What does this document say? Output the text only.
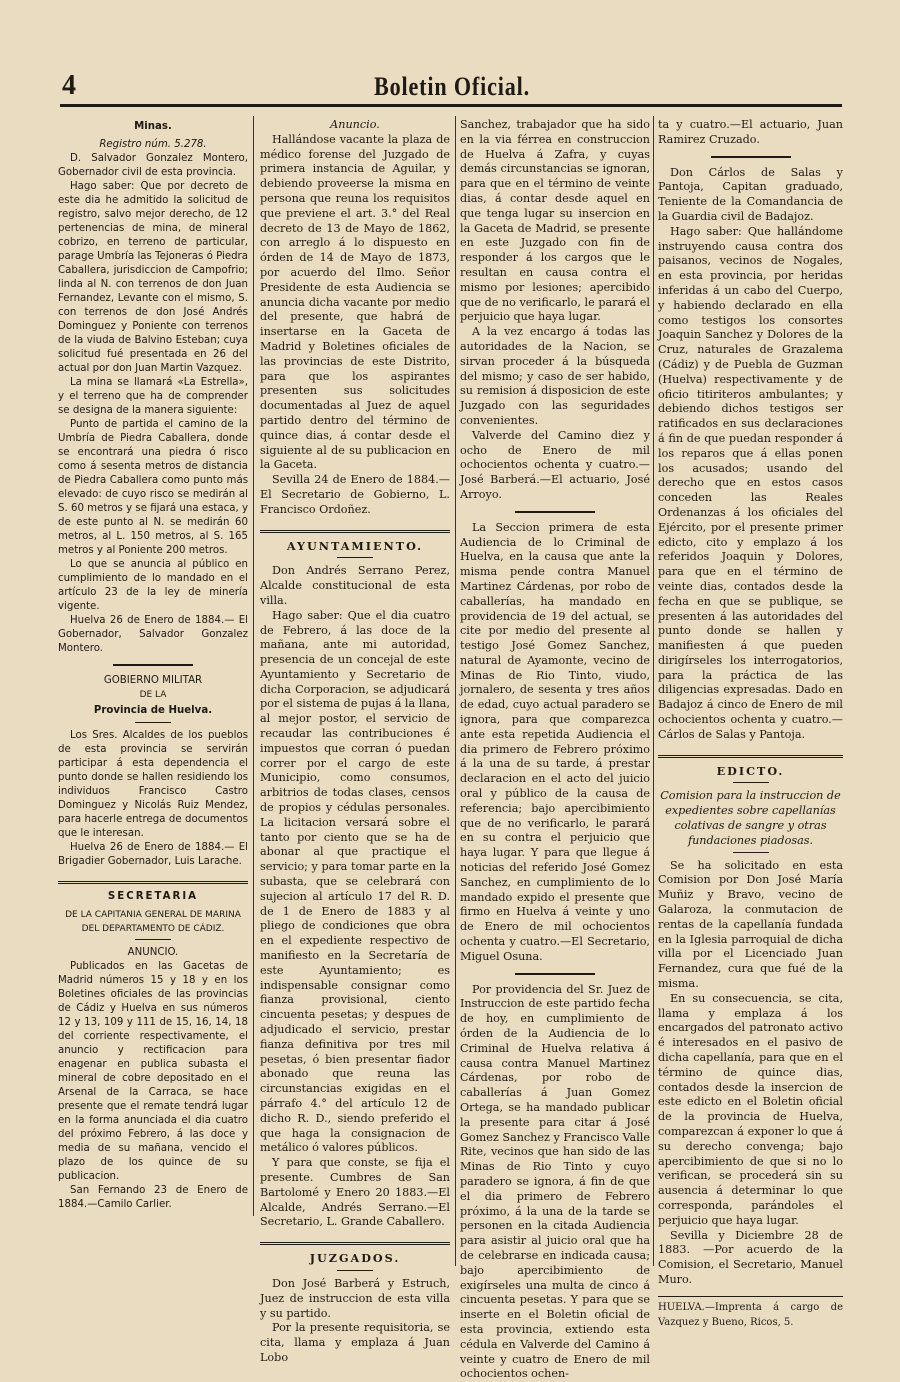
4	Boletin Oficial.

Minas.

Registro núm. 5.278.

D. Salvador Gonzalez Montero, Gobernador civil de esta provincia.

Hago saber: Que por decreto de este dia he admitido la solicitud de registro, salvo mejor derecho, de 12 pertenencias de mina, de mineral cobrizo, en terreno de particular, parage Umbría las Tejoneras ó Piedra Caballera, jurisdiccion de Campofrio; linda al N. con terrenos de don Juan Fernandez, Levante con el mismo, S. con terrenos de don José Andrés Dominguez y Poniente con terrenos de la viuda de Balvino Esteban; cuya solicitud fué presentada en 26 del actual por don Juan Martin Vazquez.

La mina se llamará «La Estrella», y el terreno que ha de comprender se designa de la manera siguiente:

Punto de partida el camino de la Umbría de Piedra Caballera, donde se encontrará una piedra ó risco como á sesenta metros de distancia de Piedra Caballera como punto más elevado: de cuyo risco se medirán al S. 60 metros y se fijará una estaca, y de este punto al N. se medirán 60 metros, al L. 150 metros, al S. 165 metros y al Poniente 200 metros.

Lo que se anuncia al público en cumplimiento de lo mandado en el artículo 23 de la ley de minería vigente.

Huelva 26 de Enero de 1884.— El Gobernador, Salvador Gonzalez Montero.

GOBIERNO MILITAR

DE LA

Provincia de Huelva.

Los Sres. Alcaldes de los pueblos de esta provincia se servirán participar á esta dependencia el punto donde se hallen residiendo los individuos Francisco Castro Dominguez y Nicolás Ruiz Mendez, para hacerle entrega de documentos que le interesan.

Huelva 26 de Enero de 1884.— El Brigadier Gobernador, Luis Larache.

SECRETARIA

DE LA CAPITANIA GENERAL DE MARINA DEL DEPARTAMENTO DE CÁDIZ.

ANUNCIO.

Publicados en las Gacetas de Madrid números 15 y 18 y en los Boletines oficiales de las provincias de Cádiz y Huelva en sus números 12 y 13, 109 y 111 de 15, 16, 14, 18 del corriente respectivamente, el anuncio y rectificacion para enagenar en publica subasta el mineral de cobre depositado en el Arsenal de la Carraca, se hace presente que el remate tendrá lugar en la forma anunciada el dia cuatro del próximo Febrero, á las doce y media de su mañana, vencido el plazo de los quince de su publicacion.

San Fernando 23 de Enero de 1884.—Camilo Carlier.

Anuncio.

Hallándose vacante la plaza de médico forense del Juzgado de primera instancia de Aguilar, y debiendo proveerse la misma en persona que reuna los requisitos que previene el art. 3.° del Real decreto de 13 de Mayo de 1862, con arreglo á lo dispuesto en órden de 14 de Mayo de 1873, por acuerdo del Ilmo. Señor Presidente de esta Audiencia se anuncia dicha vacante por medio del presente, que habrá de insertarse en la Gaceta de Madrid y Boletines oficiales de las provincias de este Distrito, para que los aspirantes presenten sus solicitudes documentadas al Juez de aquel partido dentro del término de quince dias, á contar desde el siguiente al de su publicacion en la Gaceta.

Sevilla 24 de Enero de 1884.— El Secretario de Gobierno, L. Francisco Ordoñez.

AYUNTAMIENTO.

Don Andrés Serrano Perez, Alcalde constitucional de esta villa.

Hago saber: Que el dia cuatro de Febrero, á las doce de la mañana, ante mi autoridad, presencia de un concejal de este Ayuntamiento y Secretario de dicha Corporacion, se adjudicará por el sistema de pujas á la llana, al mejor postor, el servicio de recaudar las contribuciones é impuestos que corran ó puedan correr por el cargo de este Municipio, como consumos, arbitrios de todas clases, censos de propios y cédulas personales. La licitacion versará sobre el tanto por ciento que se ha de abonar al que practique el servicio; y para tomar parte en la subasta, que se celebrará con sujecion al artículo 17 del R. D. de 1 de Enero de 1883 y al pliego de condiciones que obra en el expediente respectivo de manifiesto en la Secretaría de este Ayuntamiento; es indispensable consignar como fianza provisional, ciento cincuenta pesetas; y despues de adjudicado el servicio, prestar fianza definitiva por tres mil pesetas, ó bien presentar fiador abonado que reuna las circunstancias exigidas en el párrafo 4.° del artículo 12 de dicho R. D., siendo preferido el que haga la consignacion de metálico ó valores públicos.

Y para que conste, se fija el presente. Cumbres de San Bartolomé y Enero 20 1883.—El Alcalde, Andrés Serrano.—El Secretario, L. Grande Caballero.

JUZGADOS.

Don José Barberá y Estruch, Juez de instruccion de esta villa y su partido.

Por la presente requisitoria, se cita, llama y emplaza á Juan Lobo

Sanchez, trabajador que ha sido en la via férrea en construccion de Huelva á Zafra, y cuyas demás circunstancias se ignoran, para que en el término de veinte dias, á contar desde aquel en que tenga lugar su insercion en la Gaceta de Madrid, se presente en este Juzgado con fin de responder á los cargos que le resultan en causa contra el mismo por lesiones; apercibido que de no verificarlo, le parará el perjuicio que haya lugar.

A la vez encargo á todas las autoridades de la Nacion, se sirvan proceder á la búsqueda del mismo; y caso de ser habido, su remision á disposicion de este Juzgado con las seguridades convenientes.

Valverde del Camino diez y ocho de Enero de mil ochocientos ochenta y cuatro.—José Barberá.—El actuario, José Arroyo.

La Seccion primera de esta Audiencia de lo Criminal de Huelva, en la causa que ante la misma pende contra Manuel Martinez Cárdenas, por robo de caballerías, ha mandado en providencia de 19 del actual, se cite por medio del presente al testigo José Gomez Sanchez, natural de Ayamonte, vecino de Minas de Rio Tinto, viudo, jornalero, de sesenta y tres años de edad, cuyo actual paradero se ignora, para que comparezca ante esta repetida Audiencia el dia primero de Febrero próximo á la una de su tarde, á prestar declaracion en el acto del juicio oral y público de la causa de referencia; bajo apercibimiento que de no verificarlo, le parará en su contra el perjuicio que haya lugar. Y para que llegue á noticias del referido José Gomez Sanchez, en cumplimiento de lo mandado expido el presente que firmo en Huelva á veinte y uno de Enero de mil ochocientos ochenta y cuatro.—El Secretario, Miguel Osuna.

Por providencia del Sr. Juez de Instruccion de este partido fecha de hoy, en cumplimiento de órden de la Audiencia de lo Criminal de Huelva relativa á causa contra Manuel Martinez Cárdenas, por robo de caballerías á Juan Gomez Ortega, se ha mandado publicar la presente para citar á José Gomez Sanchez y Francisco Valle Rite, vecinos que han sido de las Minas de Rio Tinto y cuyo paradero se ignora, á fin de que el dia primero de Febrero próximo, á la una de la tarde se personen en la citada Audiencia para asistir al juicio oral que ha de celebrarse en indicada causa; bajo apercibimiento de exigírseles una multa de cinco á cincuenta pesetas. Y para que se inserte en el Boletin oficial de esta provincia, extiendo esta cédula en Valverde del Camino á veinte y cuatro de Enero de mil ochocientos ochen-

ta y cuatro.—El actuario, Juan Ramirez Cruzado.

Don Cárlos de Salas y Pantoja, Capitan graduado, Teniente de la Comandancia de la Guardia civil de Badajoz.

Hago saber: Que hallándome instruyendo causa contra dos paisanos, vecinos de Nogales, en esta provincia, por heridas inferidas á un cabo del Cuerpo, y habiendo declarado en ella como testigos los consortes Joaquin Sanchez y Dolores de la Cruz, naturales de Grazalema (Cádiz) y de Puebla de Guzman (Huelva) respectivamente y de oficio titiriteros ambulantes; y debiendo dichos testigos ser ratificados en sus declaraciones á fin de que puedan responder á los reparos que á ellas ponen los acusados; usando del derecho que en estos casos conceden las Reales Ordenanzas á los oficiales del Ejército, por el presente primer edicto, cito y emplazo á los referidos Joaquin y Dolores, para que en el término de veinte dias, contados desde la fecha en que se publique, se presenten á las autoridades del punto donde se hallen y manifiesten á que pueden dirigírseles los interrogatorios, para la práctica de las diligencias expresadas. Dado en Badajoz á cinco de Enero de mil ochocientos ochenta y cuatro.—Cárlos de Salas y Pantoja.

EDICTO.

Comision para la instruccion de expedientes sobre capellanías colativas de sangre y otras fundaciones piadosas.

Se ha solicitado en esta Comision por Don José María Muñiz y Bravo, vecino de Galaroza, la conmutacion de rentas de la capellanía fundada en la Iglesia parroquial de dicha villa por el Licenciado Juan Fernandez, cura que fué de la misma.

En su consecuencia, se cita, llama y emplaza á los encargados del patronato activo é interesados en el pasivo de dicha capellanía, para que en el término de quince dias, contados desde la insercion de este edicto en el Boletin oficial de la provincia de Huelva, comparezcan á exponer lo que á su derecho convenga; bajo apercibimiento de que si no lo verifican, se procederá sin su ausencia á determinar lo que corresponda, parándoles el perjuicio que haya lugar.

Sevilla y Diciembre 28 de 1883. —Por acuerdo de la Comision, el Secretario, Manuel Muro.

HUELVA.—Imprenta á cargo de Vazquez y Bueno, Ricos, 5.
